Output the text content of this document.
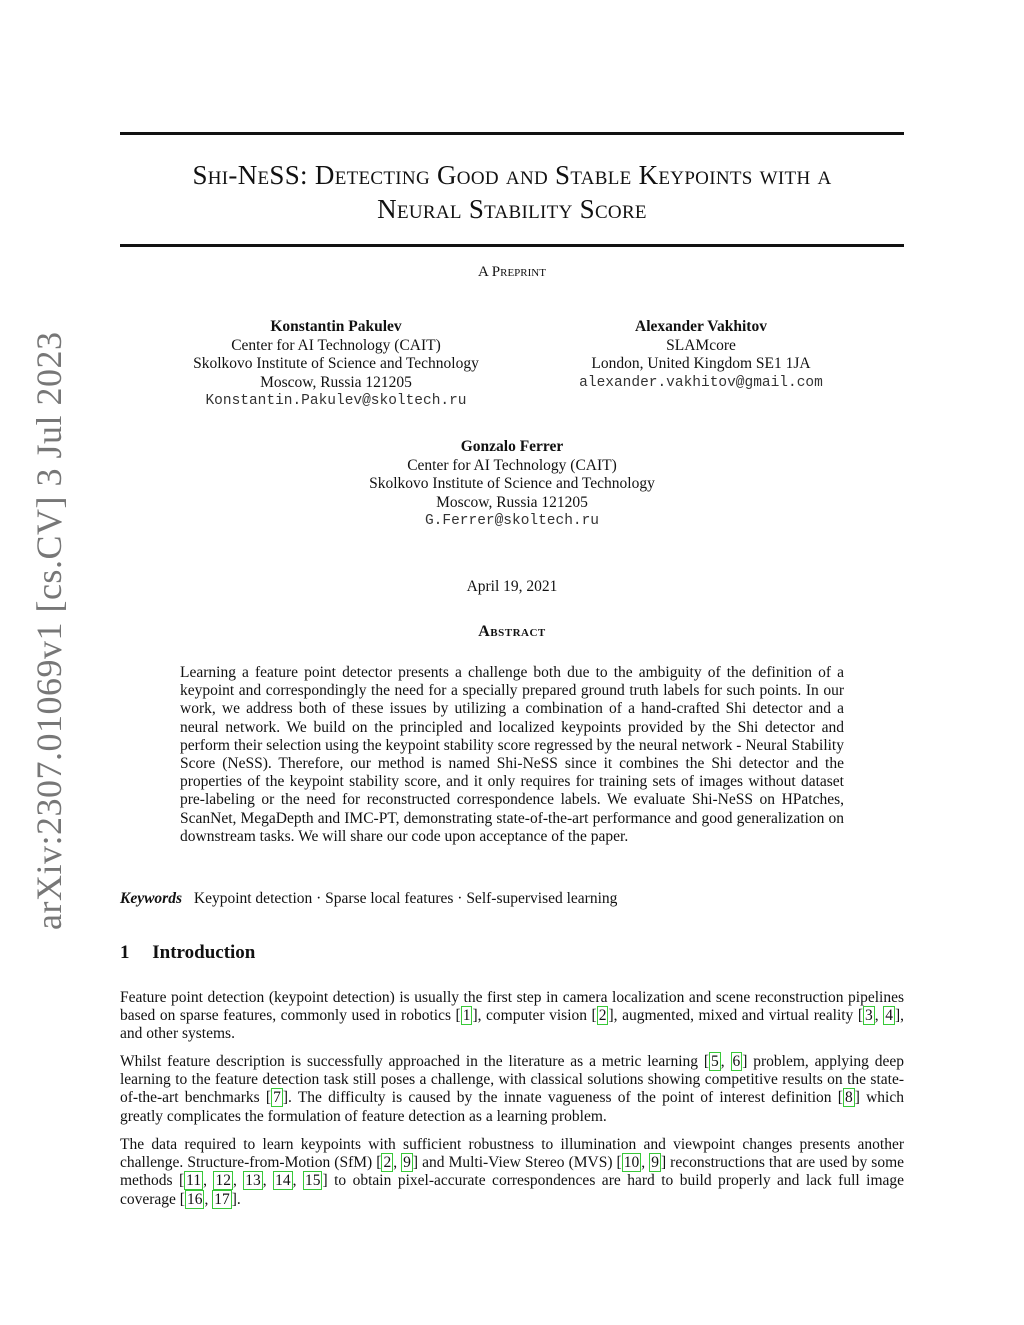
arXiv:2307.01069v1 [cs.CV] 3 Jul 2023
Shi-NeSS: Detecting Good and Stable Keypoints with a
Neural Stability Score
A Preprint
Konstantin Pakulev
Center for AI Technology (CAIT)
Skolkovo Institute of Science and Technology
Moscow, Russia 121205
Konstantin.Pakulev@skoltech.ru
Alexander Vakhitov
SLAMcore
London, United Kingdom SE1 1JA
alexander.vakhitov@gmail.com
Gonzalo Ferrer
Center for AI Technology (CAIT)
Skolkovo Institute of Science and Technology
Moscow, Russia 121205
G.Ferrer@skoltech.ru
April 19, 2021
Abstract
Learning a feature point detector presents a challenge both due to the ambiguity of the definition of a keypoint and correspondingly the need for a specially prepared ground truth labels for such points. In our work, we address both of these issues by utilizing a combination of a hand-crafted Shi detector and a neural network. We build on the principled and localized keypoints provided by the Shi detector and perform their selection using the keypoint stability score regressed by the neural network - Neural Stability Score (NeSS). Therefore, our method is named Shi-NeSS since it combines the Shi detector and the properties of the keypoint stability score, and it only requires for training sets of images without dataset pre-labeling or the need for reconstructed correspondence labels. We evaluate Shi-NeSS on HPatches, ScanNet, MegaDepth and IMC-PT, demonstrating state-of-the-art performance and good generalization on downstream tasks. We will share our code upon acceptance of the paper.
Keywords Keypoint detection · Sparse local features · Self-supervised learning
1 Introduction
Feature point detection (keypoint detection) is usually the first step in camera localization and scene reconstruction pipelines based on sparse features, commonly used in robotics [ 1 ], computer vision [ 2 ], augmented, mixed and virtual reality [ 3 , 4 ], and other systems.
Whilst feature description is successfully approached in the literature as a metric learning [ 5 , 6 ] problem, applying deep learning to the feature detection task still poses a challenge, with classical solutions showing competitive results on the state-of-the-art benchmarks [ 7 ]. The difficulty is caused by the innate vagueness of the point of interest definition [ 8 ] which greatly complicates the formulation of feature detection as a learning problem.
The data required to learn keypoints with sufficient robustness to illumination and viewpoint changes presents another challenge. Structure-from-Motion (SfM) [ 2 , 9 ] and Multi-View Stereo (MVS) [ 10 , 9 ] reconstructions that are used by some methods [ 11 , 12 , 13 , 14 , 15 ] to obtain pixel-accurate correspondences are hard to build properly and lack full image coverage [ 16 , 17 ].
